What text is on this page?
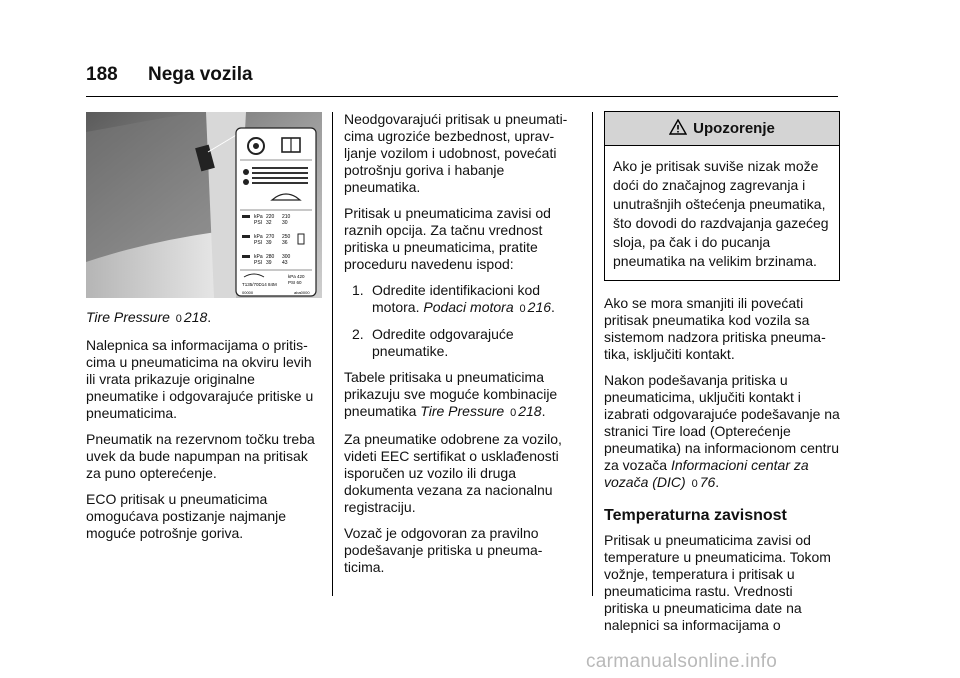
188 Nega vozila
kPa 220 210
PSI 32 30
kPa 270 250
PSI 39 36
kPa 280 300
PSI 39 43
T135/70D14 84M
kPa 420
PSI 60
00000	aba0000

Tire Pressure 0 218.

Nalepnica sa informacijama o pritis-cima u pneumaticima na okviru levih ili vrata prikazuje originalne pneumatike i odgovarajuće pritiske u pneumaticima.

Pneumatik na rezervnom točku treba uvek da bude napumpan na pritisak za puno opterećenje.

ECO pritisak u pneumaticima omogućava postizanje najmanje moguće potrošnje goriva.

Neodgovarajući pritisak u pneumati-cima ugroziće bezbednost, uprav-ljanje vozilom i udobnost, povećati potrošnju goriva i habanje pneumatika.

Pritisak u pneumaticima zavisi od raznih opcija. Za tačnu vrednost pritiska u pneumaticima, pratite proceduru navedenu ispod:

1. Odredite identifikacioni kod motora. Podaci motora 0 216.
2. Odredite odgovarajuće pneumatike.

Tabele pritisaka u pneumaticima prikazuju sve moguće kombinacije pneumatika Tire Pressure 0 218.

Za pneumatike odobrene za vozilo, videti EEC sertifikat o usklađenosti isporučen uz vozilo ili druga dokumenta vezana za nacionalnu registraciju.

Vozač je odgovoran za pravilno podešavanje pritiska u pneuma-ticima.

Upozorenje
Ako je pritisak suviše nizak može doći do značajnog zagrevanja i unutrašnjih oštećenja pneumatika, što dovodi do razdvajanja gazećeg sloja, pa čak i do pucanja pneumatika na velikim brzinama.

Ako se mora smanjiti ili povećati pritisak pneumatika kod vozila sa sistemom nadzora pritiska pneuma-tika, isključiti kontakt.

Nakon podešavanja pritiska u pneumaticima, uključiti kontakt i izabrati odgovarajuće podešavanje na stranici Tire load (Opterećenje pneumatika) na informacionom centru za vozača Informacioni centar za vozača (DIC) 0 76.

Temperaturna zavisnost

Pritisak u pneumaticima zavisi od temperature u pneumaticima. Tokom vožnje, temperatura i pritisak u pneumaticima rastu. Vrednosti pritiska u pneumaticima date na nalepnici sa informacijama o

carmanualsonline.info
